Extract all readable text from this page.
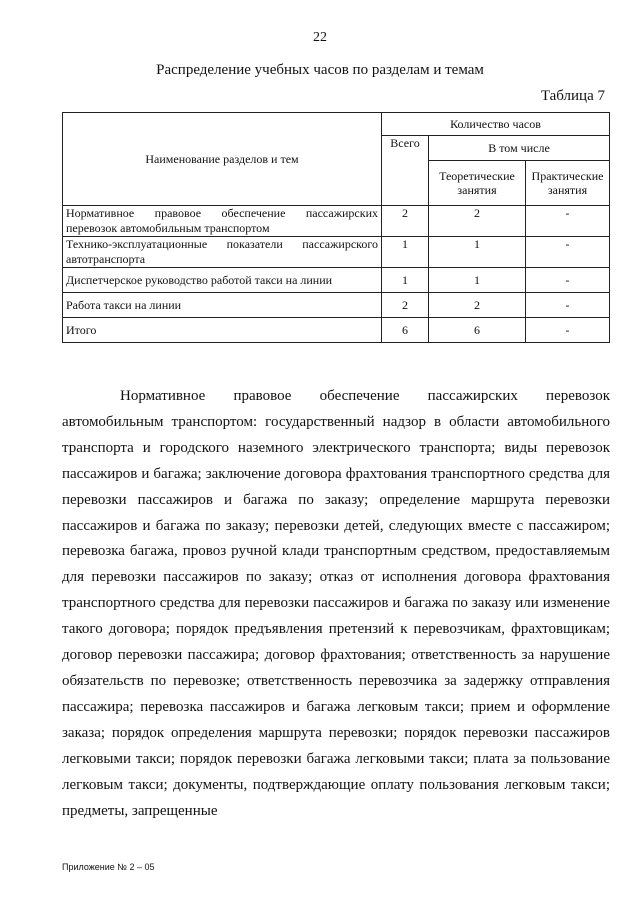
22
Распределение учебных часов по разделам и темам
Таблица 7
Наименование разделов и тем	Количество часов		
	Всего	В том числе	
		Теоретические занятия	Практические занятия
Нормативное правовое обеспечение пассажирских перевозок автомобильным транспортом	2	2	-
Технико-эксплуатационные показатели пассажирского автотранспорта	1	1	-
Диспетчерское руководство работой такси на линии	1	1	-
Работа такси на линии	2	2	-
Итого	6	6	-

Нормативное правовое обеспечение пассажирских перевозок автомобильным транспортом: государственный надзор в области автомобильного транспорта и городского наземного электрического транспорта; виды перевозок пассажиров и багажа; заключение договора фрахтования транспортного средства для перевозки пассажиров и багажа по заказу; определение маршрута перевозки пассажиров и багажа по заказу; перевозки детей, следующих вместе с пассажиром; перевозка багажа, провоз ручной клади транспортным средством, предоставляемым для перевозки пассажиров по заказу; отказ от исполнения договора фрахтования транспортного средства для перевозки пассажиров и багажа по заказу или изменение такого договора; порядок предъявления претензий к перевозчикам, фрахтовщикам; договор перевозки пассажира; договор фрахтования; ответственность за нарушение обязательств по перевозке; ответственность перевозчика за задержку отправления пассажира; перевозка пассажиров и багажа легковым такси; прием и оформление заказа; порядок определения маршрута перевозки; порядок перевозки пассажиров легковыми такси; порядок перевозки багажа легковыми такси; плата за пользование легковым такси; документы, подтверждающие оплату пользования легковым такси; предметы, запрещенные

Приложение № 2 – 05
